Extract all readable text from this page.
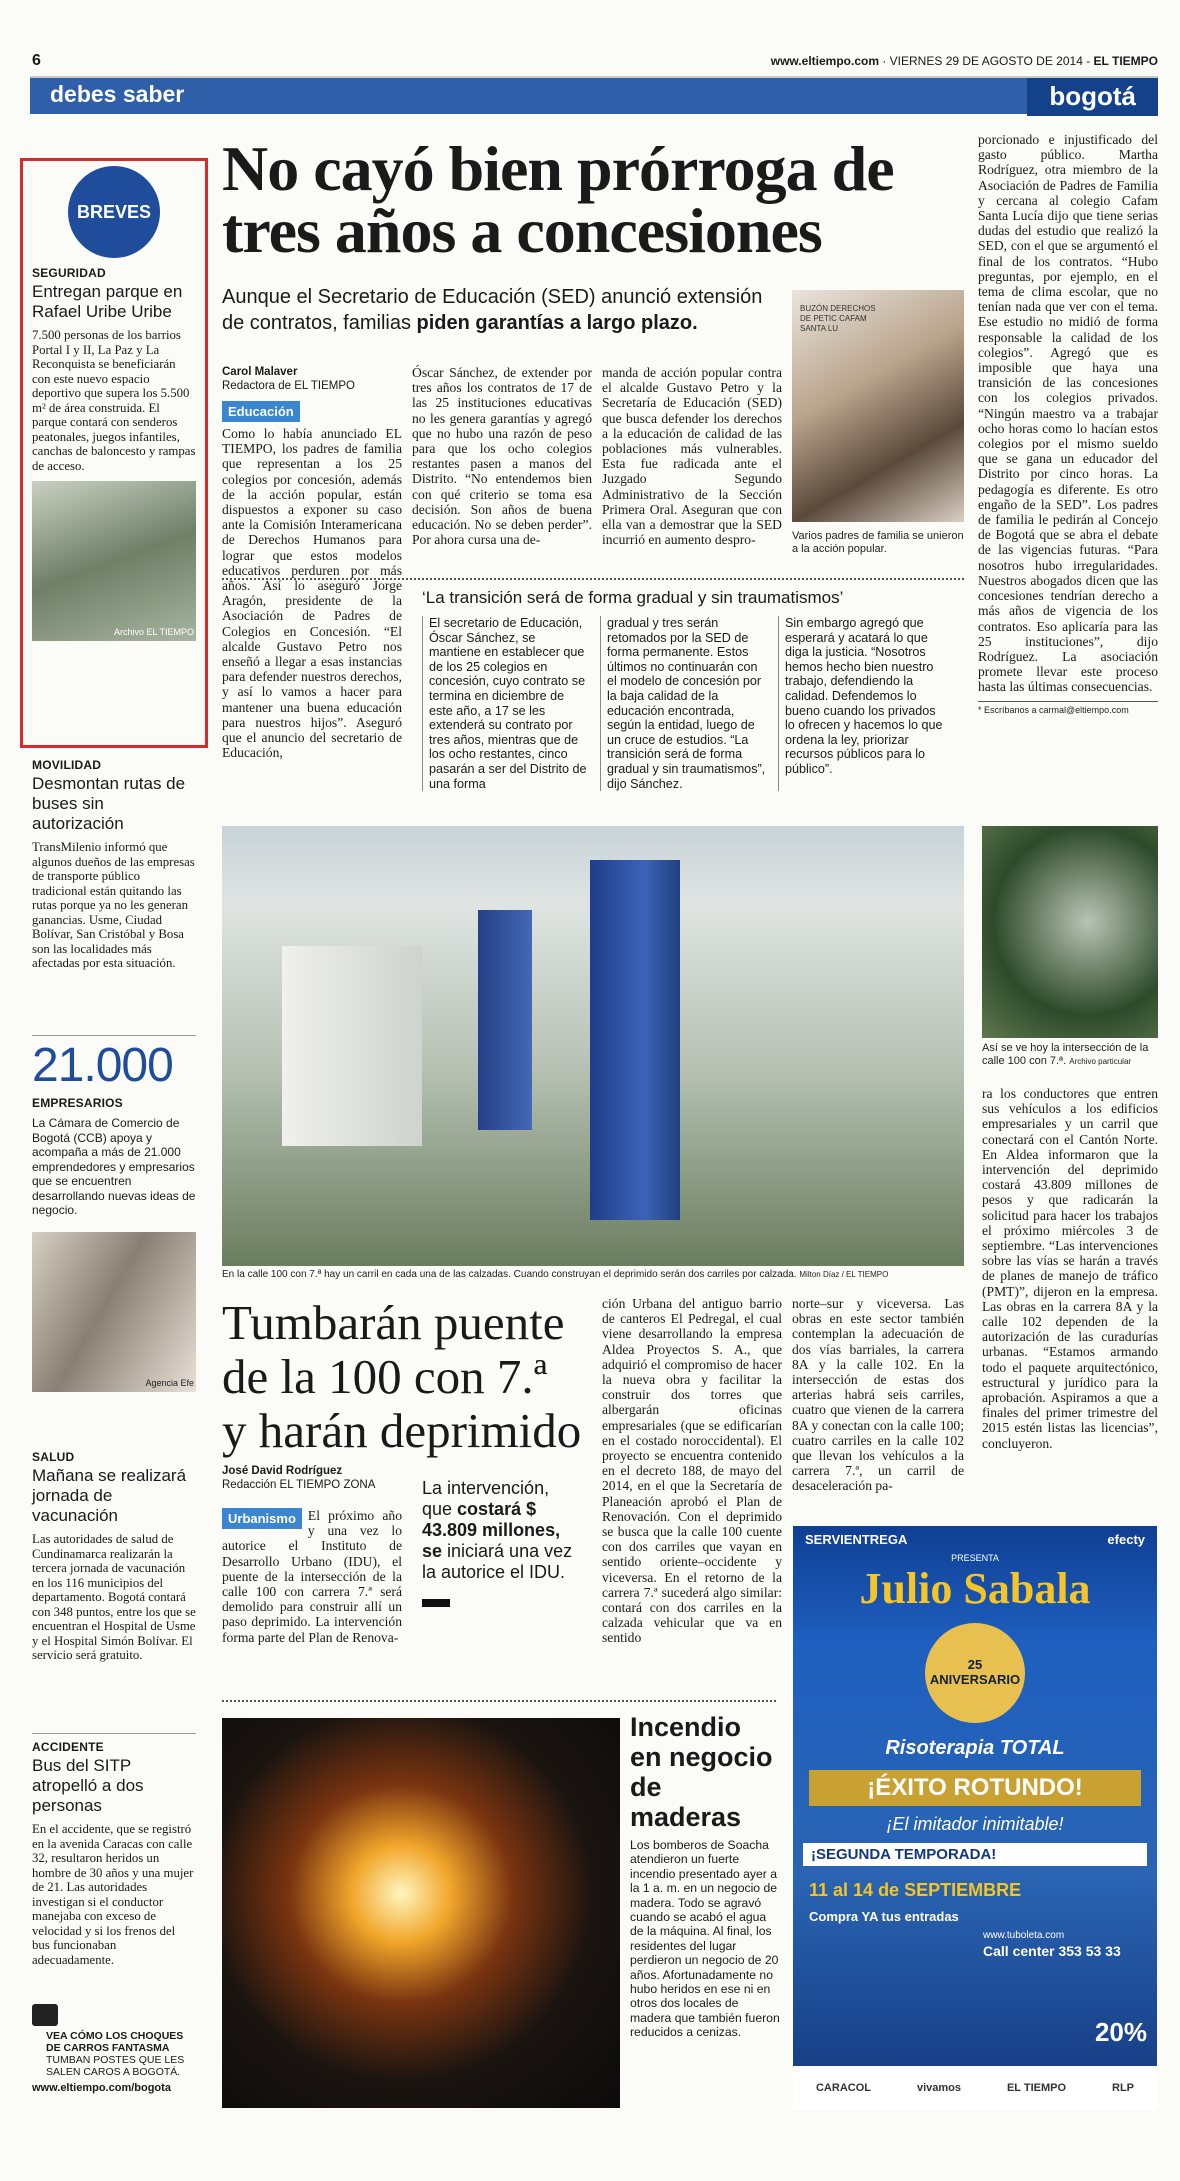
6	www.eltiempo.com · VIERNES 29 DE AGOSTO DE 2014 - EL TIEMPO
debes saber	bogotá
BREVES
SEGURIDAD
Entregan parque en Rafael Uribe Uribe

7.500 personas de los barrios Portal I y II, La Paz y La Reconquista se beneficiarán con este nuevo espacio deportivo que supera los 5.500 m² de área construida. El parque contará con senderos peatonales, juegos infantiles, canchas de baloncesto y rampas de acceso.

Archivo EL TIEMPO
MOVILIDAD
Desmontan rutas de buses sin autorización

TransMilenio informó que algunos dueños de las empresas de transporte público tradicional están quitando las rutas porque ya no les generan ganancias. Usme, Ciudad Bolívar, San Cristóbal y Bosa son las localidades más afectadas por esta situación.

21.000
EMPRESARIOS

La Cámara de Comercio de Bogotá (CCB) apoya y acompaña a más de 21.000 emprendedores y empresarios que se encuentren desarrollando nuevas ideas de negocio.

Agencia Efe
SALUD
Mañana se realizará jornada de vacunación

Las autoridades de salud de Cundinamarca realizarán la tercera jornada de vacunación en los 116 municipios del departamento. Bogotá contará con 348 puntos, entre los que se encuentran el Hospital de Usme y el Hospital Simón Bolívar. El servicio será gratuito.

ACCIDENTE
Bus del SITP atropelló a dos personas

En el accidente, que se registró en la avenida Caracas con calle 32, resultaron heridos un hombre de 30 años y una mujer de 21. Las autoridades investigan si el conductor manejaba con exceso de velocidad y si los frenos del bus funcionaban adecuadamente.

VEA CÓMO LOS CHOQUES DE CARROS FANTASMA
TUMBAN POSTES QUE LES SALEN CAROS A BOGOTÁ.
www.eltiempo.com/bogota
No cayó bien prórroga de tres años a concesiones
Aunque el Secretario de Educación (SED) anunció extensión de contratos, familias piden garantías a largo plazo.
Carol Malaver
Redactora de EL TIEMPO
Educación

Como lo había anunciado EL TIEMPO, los padres de familia que representan a los 25 colegios por concesión, además de la acción popular, están dispuestos a exponer su caso ante la Comisión Interamericana de Derechos Humanos para lograr que estos modelos educativos perduren por más años. Así lo aseguró Jorge Aragón, presidente de la Asociación de Padres de Colegios en Concesión. “El alcalde Gustavo Petro nos enseñó a llegar a esas instancias para defender nuestros derechos, y así lo vamos a hacer para mantener una buena educación para nuestros hijos”. Aseguró que el anuncio del secretario de Educación,

Óscar Sánchez, de extender por tres años los contratos de 17 de las 25 instituciones educativas no les genera garantías y agregó que no hubo una razón de peso para que los ocho colegios restantes pasen a manos del Distrito. “No entendemos bien con qué criterio se toma esa decisión. Son años de buena educación. No se deben perder”. Por ahora cursa una de-

manda de acción popular contra el alcalde Gustavo Petro y la Secretaría de Educación (SED) que busca defender los derechos a la educación de calidad de las poblaciones más vulnerables. Esta fue radicada ante el Juzgado Segundo Administrativo de la Sección Primera Oral. Aseguran que con ella van a demostrar que la SED incurrió en aumento despro-

BUZÓN DERECHOS DE PETIC CAFAM SANTA LU
Varios padres de familia se unieron a la acción popular.
‘La transición será de forma gradual y sin traumatismos’

El secretario de Educación, Óscar Sánchez, se mantiene en establecer que de los 25 colegios en concesión, cuyo contrato se termina en diciembre de este año, a 17 se les extenderá su contrato por tres años, mientras que de los ocho restantes, cinco pasarán a ser del Distrito de una forma

gradual y tres serán retomados por la SED de forma permanente. Estos últimos no continuarán con el modelo de concesión por la baja calidad de la educación encontrada, según la entidad, luego de un cruce de estudios. “La transición será de forma gradual y sin traumatismos”, dijo Sánchez.

Sin embargo agregó que esperará y acatará lo que diga la justicia. “Nosotros hemos hecho bien nuestro trabajo, defendiendo la calidad. Defendemos lo bueno cuando los privados lo ofrecen y hacemos lo que ordena la ley, priorizar recursos públicos para lo público”.

porcionado e injustificado del gasto público. Martha Rodríguez, otra miembro de la Asociación de Padres de Familia y cercana al colegio Cafam Santa Lucía dijo que tiene serias dudas del estudio que realizó la SED, con el que se argumentó el final de los contratos. “Hubo preguntas, por ejemplo, en el tema de clima escolar, que no tenían nada que ver con el tema. Ese estudio no midió de forma responsable la calidad de los colegios”. Agregó que es imposible que haya una transición de las concesiones con los colegios privados. “Ningún maestro va a trabajar ocho horas como lo hacían estos colegios por el mismo sueldo que se gana un educador del Distrito por cinco horas. La pedagogía es diferente. Es otro engaño de la SED”. Los padres de familia le pedirán al Concejo de Bogotá que se abra el debate de las vigencias futuras. “Para nosotros hubo irregularidades. Nuestros abogados dicen que las concesiones tendrían derecho a más años de vigencia de los contratos. Eso aplicaría para las 25 instituciones”, dijo Rodríguez. La asociación promete llevar este proceso hasta las últimas consecuencias.

* Escríbanos a carmal@eltiempo.com
En la calle 100 con 7.ª hay un carril en cada una de las calzadas. Cuando construyan el deprimido serán dos carriles por calzada. Milton Díaz / EL TIEMPO
Así se ve hoy la intersección de la calle 100 con 7.ª. Archivo particular
Tumbarán puente de la 100 con 7.ª y harán deprimido
José David Rodríguez
Redacción EL TIEMPO ZONA
Urbanismo El próximo año y una vez lo autorice el Instituto de Desarrollo Urbano (IDU), el puente de la intersección de la calle 100 con carrera 7.ª será demolido para construir allí un paso deprimido. La intervención forma parte del Plan de Renova-

La intervención, que costará $ 43.809 millones, se iniciará una vez la autorice el IDU.

ción Urbana del antiguo barrio de canteros El Pedregal, el cual viene desarrollando la empresa Aldea Proyectos S. A., que adquirió el compromiso de hacer la nueva obra y facilitar la construir dos torres que albergarán oficinas empresariales (que se edificarían en el costado noroccidental). El proyecto se encuentra contenido en el decreto 188, de mayo del 2014, en el que la Secretaría de Planeación aprobó el Plan de Renovación. Con el deprimido se busca que la calle 100 cuente con dos carriles que vayan en sentido oriente–occidente y viceversa. En el retorno de la carrera 7.ª sucederá algo similar: contará con dos carriles en la calzada vehicular que va en sentido

norte–sur y viceversa. Las obras en este sector también contemplan la adecuación de dos vías barriales, la carrera 8A y la calle 102. En la intersección de estas dos arterias habrá seis carriles, cuatro que vienen de la carrera 8A y conectan con la calle 100; cuatro carriles en la calle 102 que llevan los vehículos a la carrera 7.ª, un carril de desaceleración pa-

ra los conductores que entren sus vehículos a los edificios empresariales y un carril que conectará con el Cantón Norte. En Aldea informaron que la intervención del deprimido costará 43.809 millones de pesos y que radicarán la solicitud para hacer los trabajos el próximo miércoles 3 de septiembre. “Las intervenciones sobre las vías se harán a través de planes de manejo de tráfico (PMT)”, dijeron en la empresa. Las obras en la carrera 8A y la calle 102 dependen de la autorización de las curadurías urbanas. “Estamos armando todo el paquete arquitectónico, estructural y jurídico para la aprobación. Aspiramos a que a finales del primer trimestre del 2015 estén listas las licencias”, concluyeron.

Incendio en negocio de maderas

Los bomberos de Soacha atendieron un fuerte incendio presentado ayer a la 1 a. m. en un negocio de madera. Todo se agravó cuando se acabó el agua de la máquina. Al final, los residentes del lugar perdieron un negocio de 20 años. Afortunadamente no hubo heridos en ese ni en otros dos locales de madera que también fueron reducidos a cenizas.

SERVIENTREGA	efecty
PRESENTA
Julio Sabala
25 ANIVERSARIO
Risoterapia TOTAL
¡ÉXITO ROTUNDO!
¡El imitador inimitable!
¡SEGUNDA TEMPORADA!
11 al 14 de SEPTIEMBRE
Compra YA tus entradas
www.tuboleta.com
Call center 353 53 33
20%
CARACOL	vivamos	EL TIEMPO	RLP
